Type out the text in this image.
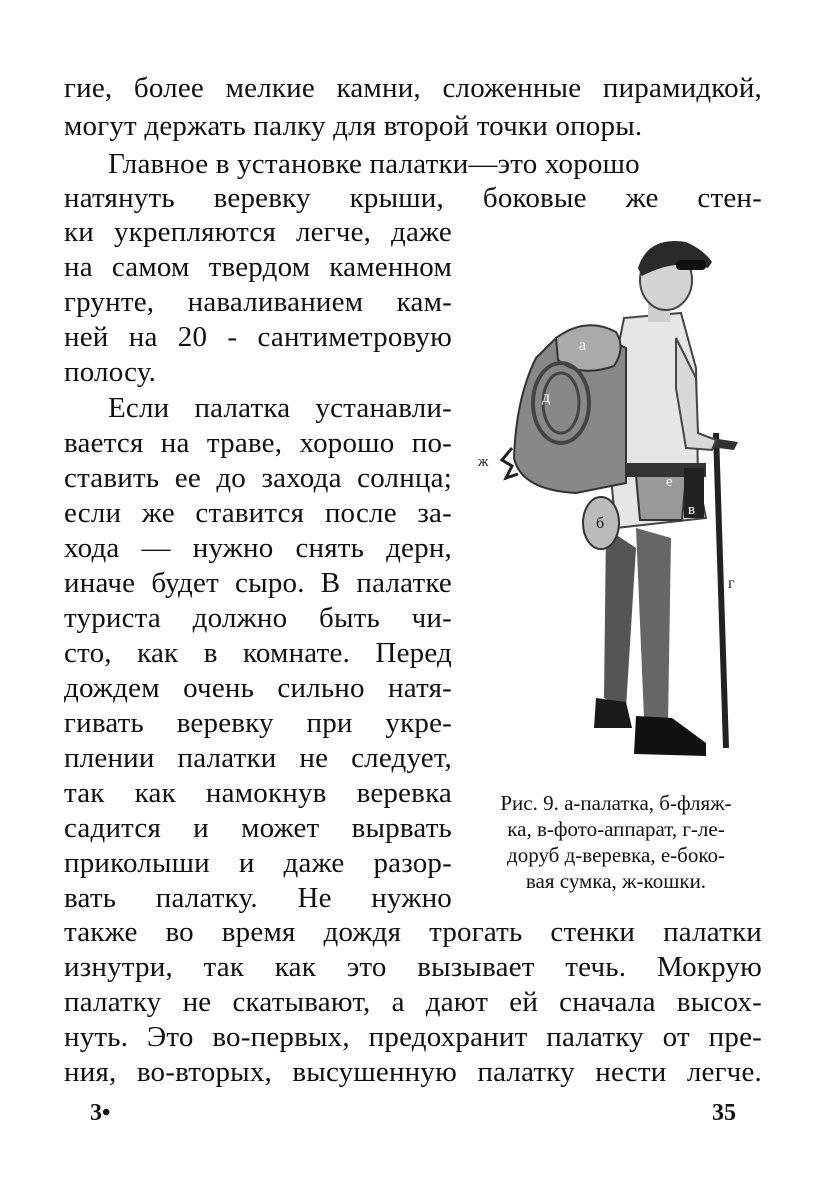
гие, более мелкие камни, сложенные пирамидкой,
могут держать палку для второй точки опоры.
Главное в установке палатки—это хорошо
натянуть веревку крыши, боковые же стен-
ки укрепляются легче, даже
на самом твердом каменном
грунте, наваливанием кам-
ней на 20 - сантиметровую
полосу.
Если палатка устанавли-
вается на траве, хорошо по-
ставить ее до захода солнца;
если же ставится после за-
хода — нужно снять дерн,
иначе будет сыро. В палатке
туриста должно быть чи-
сто, как в комнате. Перед
дождем очень сильно натя-
гивать веревку при укре-
плении палатки не следует,
так как намокнув веревка
садится и может вырвать
приколыши и даже разор-
вать палатку. Не нужно
также во время дождя трогать стенки палатки
изнутри, так как это вызывает течь. Мокрую
палатку не скатывают, а дают ей сначала высох-
нуть. Это во-первых, предохранит палатку от пре-
ния, во-вторых, высушенную палатку нести легче.
а
д
ж
е
б
в
г
Рис. 9. а-палатка, б-фляж-
ка, в-фото-аппарат, г-ле-
доруб д-веревка, е-боко-
вая сумка, ж-кошки.
3•	35
